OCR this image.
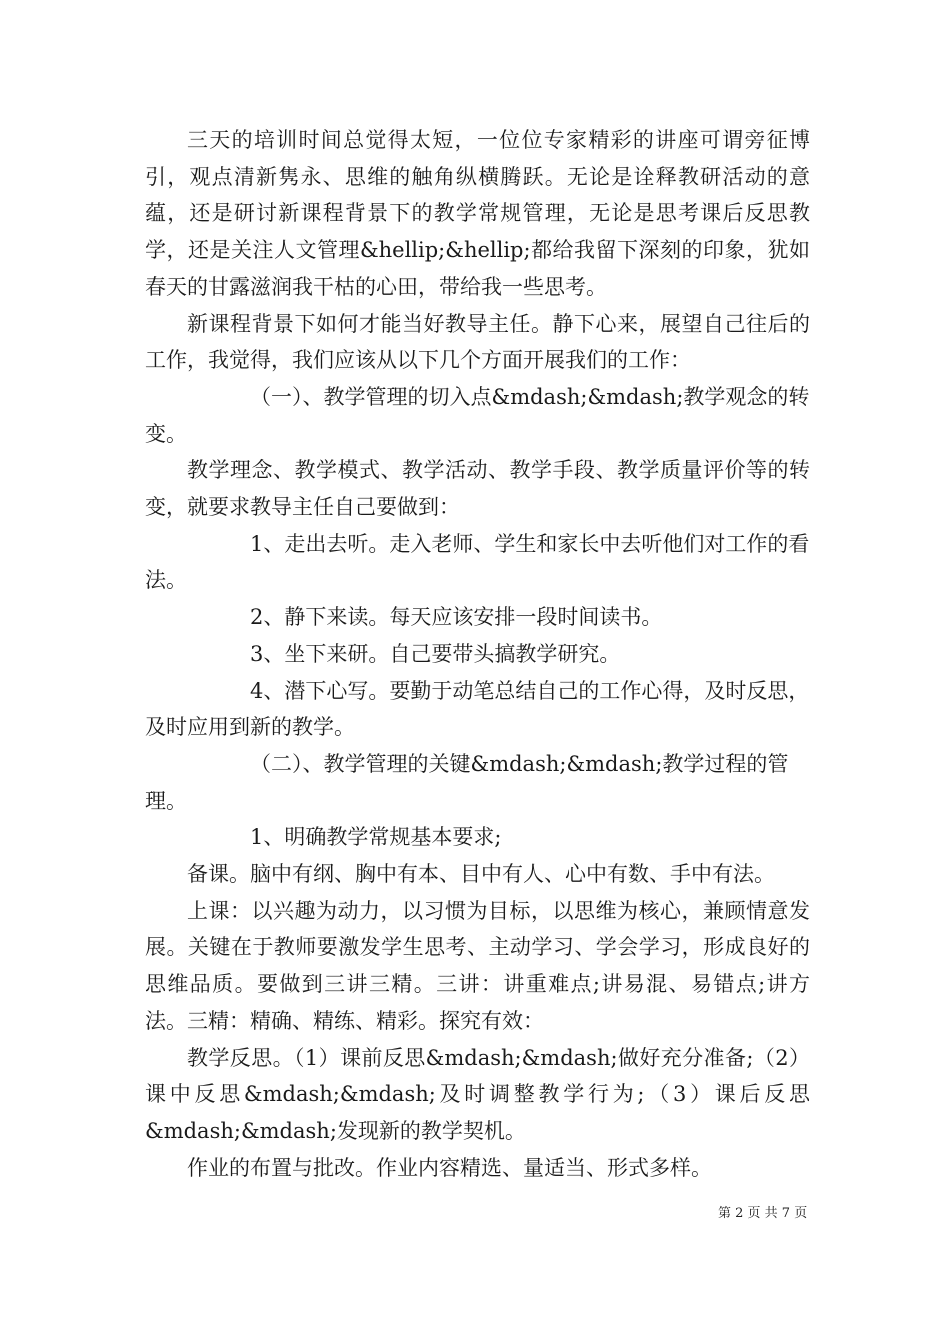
三天的培训时间总觉得太短，一位位专家精彩的讲座可谓旁征博引，观点清新隽永、思维的触角纵横腾跃。无论是诠释教研活动的意蕴，还是研讨新课程背景下的教学常规管理，无论是思考课后反思教学，还是关注人文管理&hellip;&hellip;都给我留下深刻的印象，犹如春天的甘露滋润我干枯的心田，带给我一些思考。

新课程背景下如何才能当好教导主任。静下心来，展望自己往后的工作，我觉得，我们应该从以下几个方面开展我们的工作：

（一）、教学管理的切入点&mdash;&mdash;教学观念的转变。

教学理念、教学模式、教学活动、教学手段、教学质量评价等的转变，就要求教导主任自己要做到：

1、走出去听。走入老师、学生和家长中去听他们对工作的看法。

2、静下来读。每天应该安排一段时间读书。

3、坐下来研。自己要带头搞教学研究。

4、潜下心写。要勤于动笔总结自己的工作心得，及时反思，及时应用到新的教学。

（二）、教学管理的关键&mdash;&mdash;教学过程的管理。

1、明确教学常规基本要求;

备课。脑中有纲、胸中有本、目中有人、心中有数、手中有法。

上课：以兴趣为动力，以习惯为目标，以思维为核心，兼顾情意发展。关键在于教师要激发学生思考、主动学习、学会学习，形成良好的思维品质。要做到三讲三精。三讲：讲重难点;讲易混、易错点;讲方法。三精：精确、精练、精彩。探究有效：

教学反思。（1）课前反思&mdash;&mdash;做好充分准备;（2）课中反思&mdash;&mdash;及时调整教学行为;（3）课后反思&mdash;&mdash;发现新的教学契机。

作业的布置与批改。作业内容精选、量适当、形式多样。

第 2 页 共 7 页
